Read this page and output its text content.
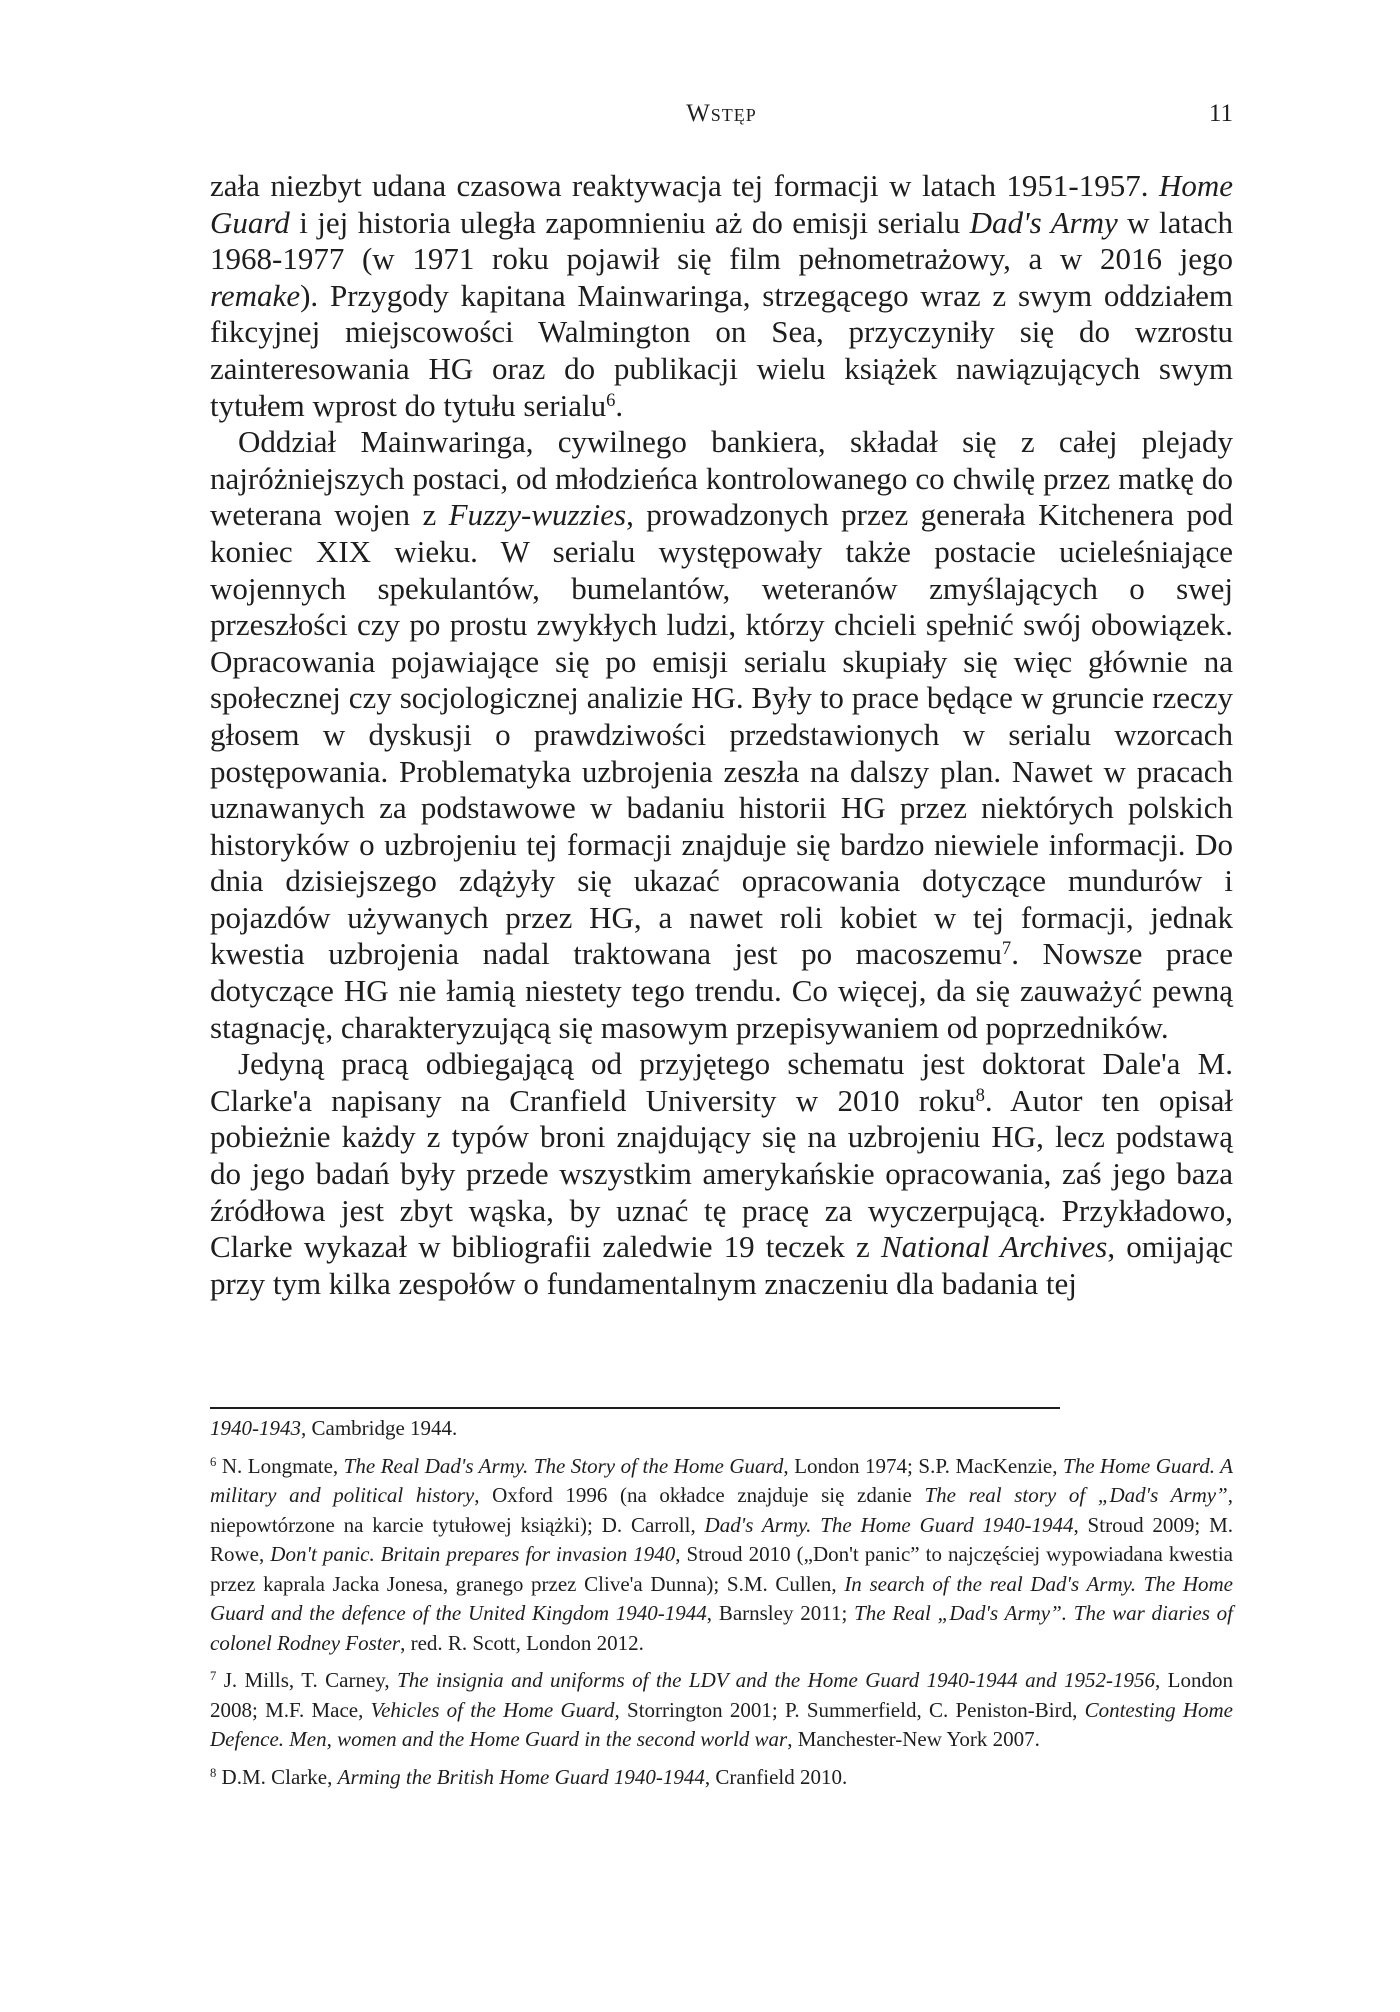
Wstęp	11

zała niezbyt udana czasowa reaktywacja tej formacji w latach 1951-1957. Home Guard i jej historia uległa zapomnieniu aż do emisji serialu Dad's Army w latach 1968-1977 (w 1971 roku pojawił się film pełnometrażowy, a w 2016 jego remake). Przygody kapitana Mainwaringa, strzegącego wraz z swym oddziałem fikcyjnej miejscowości Walmington on Sea, przyczyniły się do wzrostu zainteresowania HG oraz do publikacji wielu książek nawiązujących swym tytułem wprost do tytułu serialu$^6$.

Oddział Mainwaringa, cywilnego bankiera, składał się z całej plejady najróżniejszych postaci, od młodzieńca kontrolowanego co chwilę przez matkę do weterana wojen z Fuzzy-wuzzies, prowadzonych przez generała Kitchenera pod koniec XIX wieku. W serialu występowały także postacie ucieleśniające wojennych spekulantów, bumelantów, weteranów zmyślających o swej przeszłości czy po prostu zwykłych ludzi, którzy chcieli spełnić swój obowiązek. Opracowania pojawiające się po emisji serialu skupiały się więc głównie na społecznej czy socjologicznej analizie HG. Były to prace będące w gruncie rzeczy głosem w dyskusji o prawdziwości przedstawionych w serialu wzorcach postępowania. Problematyka uzbrojenia zeszła na dalszy plan. Nawet w pracach uznawanych za podstawowe w badaniu historii HG przez niektórych polskich historyków o uzbrojeniu tej formacji znajduje się bardzo niewiele informacji. Do dnia dzisiejszego zdążyły się ukazać opracowania dotyczące mundurów i pojazdów używanych przez HG, a nawet roli kobiet w tej formacji, jednak kwestia uzbrojenia nadal traktowana jest po macoszemu$^7$. Nowsze prace dotyczące HG nie łamią niestety tego trendu. Co więcej, da się zauważyć pewną stagnację, charakteryzującą się masowym przepisywaniem od poprzedników.

Jedyną pracą odbiegającą od przyjętego schematu jest doktorat Dale'a M. Clarke'a napisany na Cranfield University w 2010 roku$^8$. Autor ten opisał pobieżnie każdy z typów broni znajdujący się na uzbrojeniu HG, lecz podstawą do jego badań były przede wszystkim amerykańskie opracowania, zaś jego baza źródłowa jest zbyt wąska, by uznać tę pracę za wyczerpującą. Przykładowo, Clarke wykazał w bibliografii zaledwie 19 teczek z National Archives, omijając przy tym kilka zespołów o fundamentalnym znaczeniu dla badania tej

1940-1943, Cambridge 1944.

$^6$ N. Longmate, The Real Dad's Army. The Story of the Home Guard, London 1974; S.P. MacKenzie, The Home Guard. A military and political history, Oxford 1996 (na okładce znajduje się zdanie The real story of „Dad's Army”, niepowtórzone na karcie tytułowej książki); D. Carroll, Dad's Army. The Home Guard 1940-1944, Stroud 2009; M. Rowe, Don't panic. Britain prepares for invasion 1940, Stroud 2010 („Don't panic” to najczęściej wypowiadana kwestia przez kaprala Jacka Jonesa, granego przez Clive'a Dunna); S.M. Cullen, In search of the real Dad's Army. The Home Guard and the defence of the United Kingdom 1940-1944, Barnsley 2011; The Real „Dad's Army”. The war diaries of colonel Rodney Foster, red. R. Scott, London 2012.

$^7$ J. Mills, T. Carney, The insignia and uniforms of the LDV and the Home Guard 1940-1944 and 1952-1956, London 2008; M.F. Mace, Vehicles of the Home Guard, Storrington 2001; P. Summerfield, C. Peniston-Bird, Contesting Home Defence. Men, women and the Home Guard in the second world war, Manchester-New York 2007.

$^8$ D.M. Clarke, Arming the British Home Guard 1940-1944, Cranfield 2010.
